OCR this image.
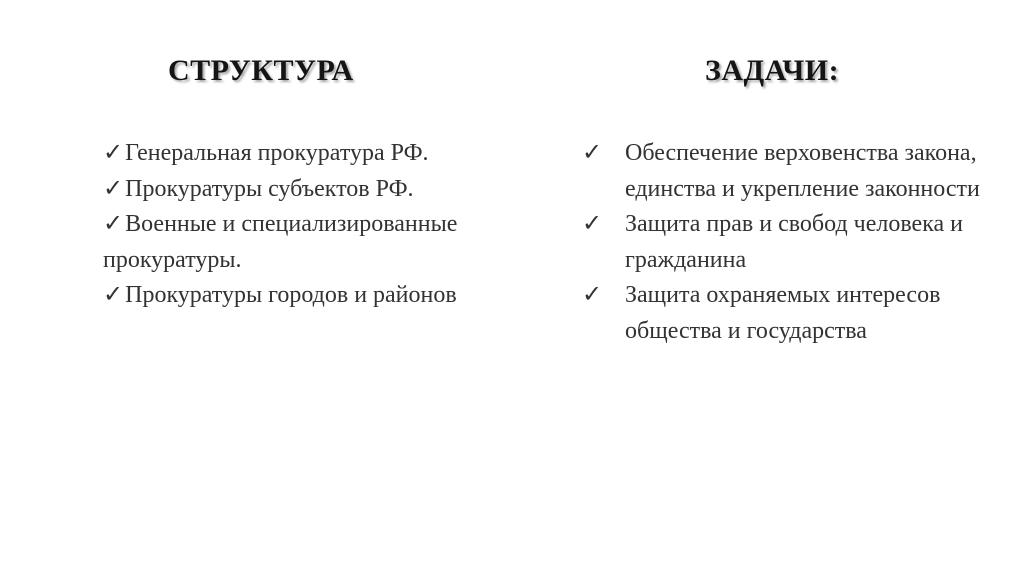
СТРУКТУРА	ЗАДАЧИ:
✓Генеральная прокуратура РФ.
✓Прокуратуры субъектов РФ.
✓Военные и специализированные прокуратуры.
✓Прокуратуры городов и районов
✓ Обеспечение верховенства закона, единства и укрепление законности
✓ Защита прав и свобод человека и гражданина
✓ Защита охраняемых интересов общества и государства
